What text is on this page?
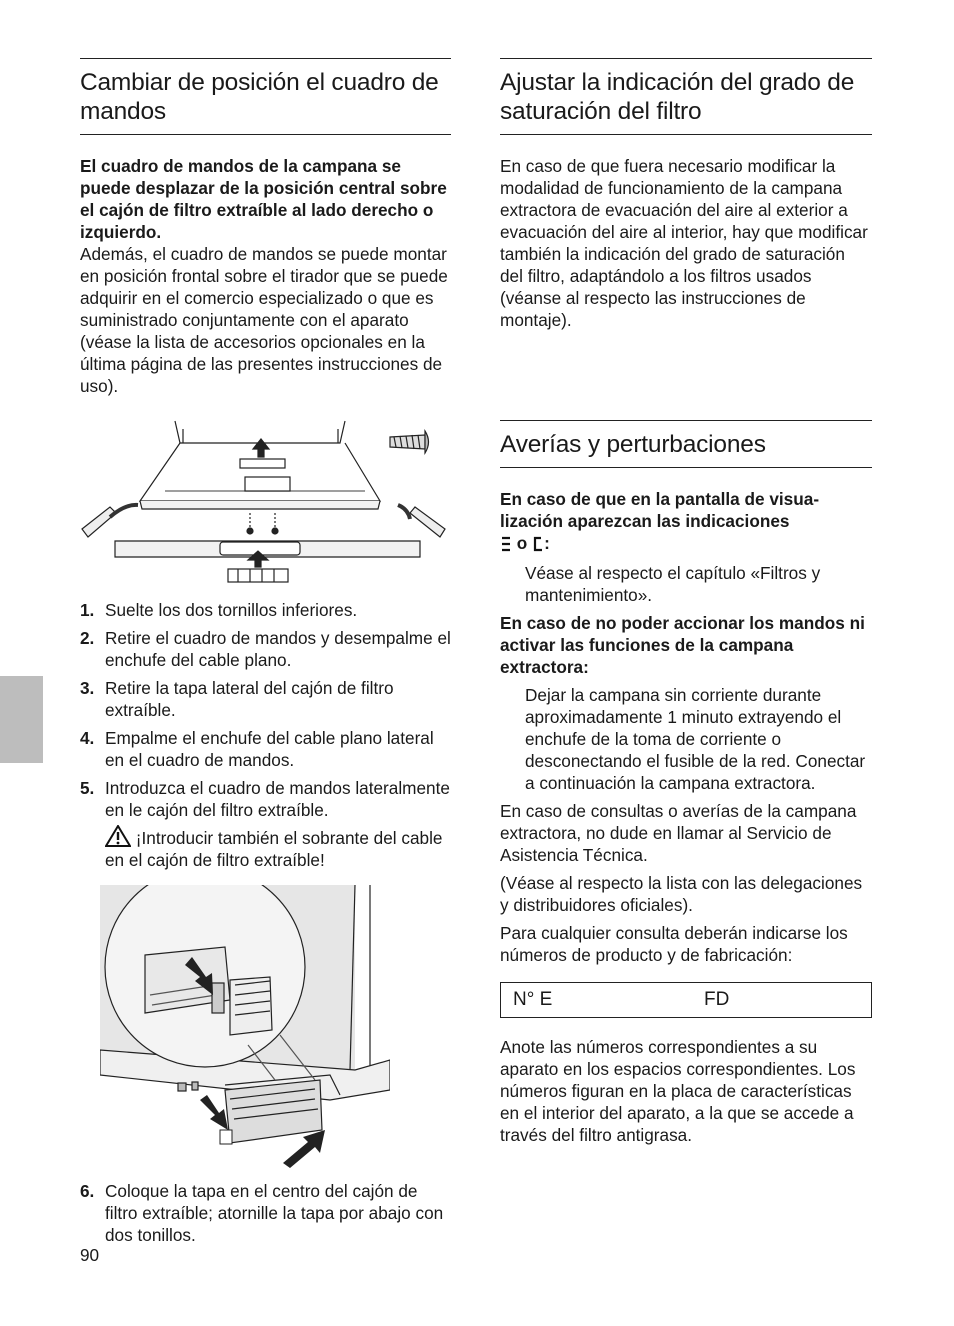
Cambiar de posición el cuadro de mandos

El cuadro de mandos de la campana se puede desplazar de la posición central sobre el cajón de filtro extraíble al lado derecho o izquierdo.

Además, el cuadro de mandos se puede montar en posición frontal sobre el tirador que se puede adquirir en el comercio especializado o que es suministrado conjuntamente con el aparato (véase la lista de accesorios opcionales en la última página de las presentes instrucciones de uso).

1. Suelte los dos tornillos inferiores.
2. Retire el cuadro de mandos y desempalme el enchufe del cable plano.
3. Retire la tapa lateral del cajón de filtro extraíble.
4. Empalme el enchufe del cable plano lateral en el cuadro de mandos.
5. Introduzca el cuadro de mandos lateralmente en le cajón del filtro extraíble.
¡Introducir también el sobrante del cable en el cajón de filtro extraíble!
6. Coloque la tapa en el centro del cajón de filtro extraíble; atornille la tapa por abajo con dos tonillos.
90
Ajustar la indicación del grado de saturación del filtro

En caso de que fuera necesario modificar la modalidad de funcionamiento de la campana extractora de evacuación del aire al exterior a evacuación del aire al interior, hay que modificar también la indicación del grado de saturación del filtro, adaptándolo a los filtros usados (véanse al respecto las instrucciones de montaje).

Averías y perturbaciones

En caso de que en la pantalla de visualización aparezcan las indicaciones
o :

Véase al respecto el capítulo «Filtros y mantenimiento».

En caso de no poder accionar los mandos ni activar las funciones de la campana extractora:

Dejar la campana sin corriente durante aproximadamente 1 minuto extrayendo el enchufe de la toma de corriente o desconectando el fusible de la red. Conectar a continuación la campana extractora.

En caso de consultas o averías de la campana extractora, no dude en llamar al Servicio de Asistencia Técnica.

(Véase al respecto la lista con las delegaciones y distribuidores oficiales).

Para cualquier consulta deberán indicarse los números de producto y de fabricación:

N° E	FD

Anote las números correspondientes a su aparato en los espacios correspondientes. Los números figuran en la placa de características en el interior del aparato, a la que se accede a través del filtro antigrasa.
